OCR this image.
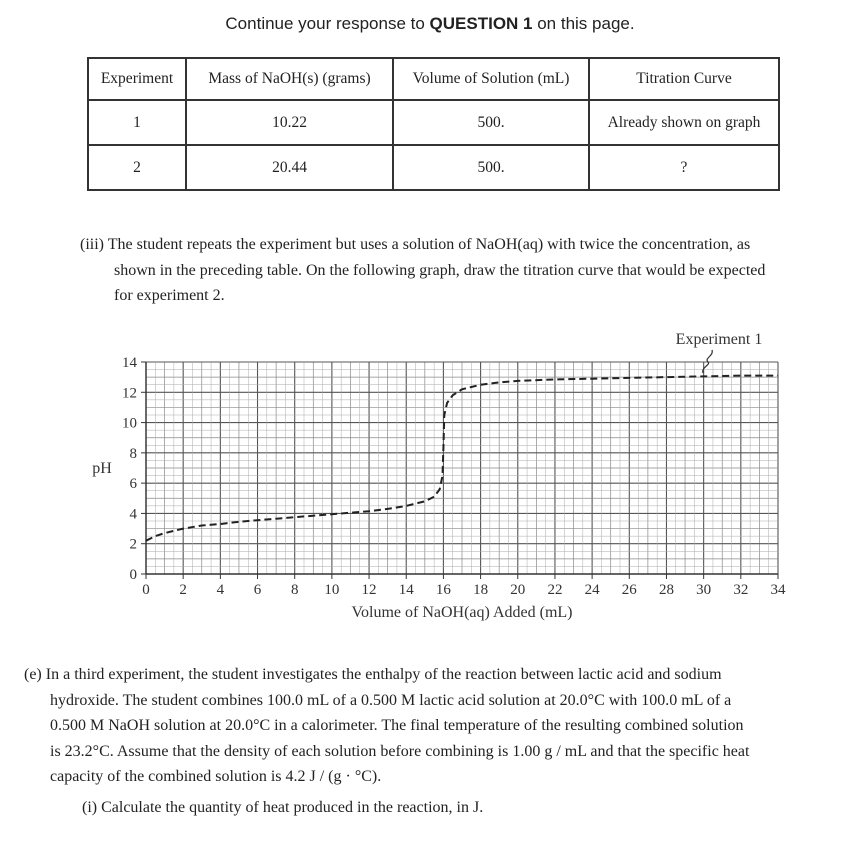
Continue your response to QUESTION 1 on this page.
Experiment	Mass of NaOH(s) (grams)	Volume of Solution (mL)	Titration Curve
1	10.22	500.	Already shown on graph
2	20.44	500.	?
(iii) The student repeats the experiment but uses a solution of NaOH(aq) with twice the concentration, as
shown in the preceding table. On the following graph, draw the titration curve that would be expected
for experiment 2.
0 2 4 6 8 10 12 14 16 18 20 22 24 26 28 30 32 34
0
2
4
6
8
10
12
14
pH
Volume of NaOH(aq) Added (mL)
Experiment 1
(e) In a third experiment, the student investigates the enthalpy of the reaction between lactic acid and sodium
hydroxide. The student combines 100.0 mL of a 0.500 M lactic acid solution at 20.0°C with 100.0 mL of a
0.500 M NaOH solution at 20.0°C in a calorimeter. The final temperature of the resulting combined solution
is 23.2°C. Assume that the density of each solution before combining is 1.00 g / mL and that the specific heat
capacity of the combined solution is 4.2 J / (g · °C).
(i) Calculate the quantity of heat produced in the reaction, in J.
